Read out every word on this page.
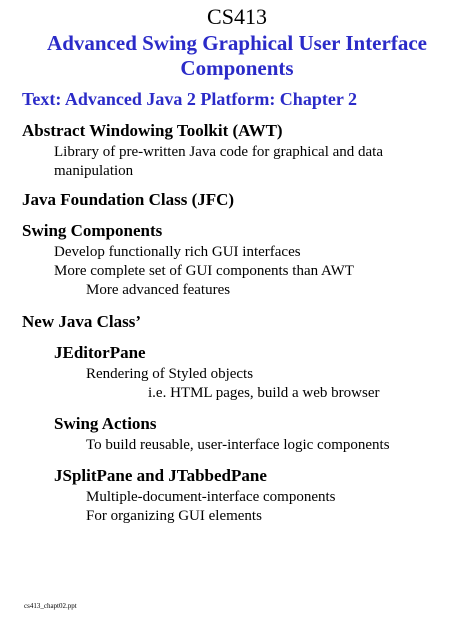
CS413
Advanced Swing Graphical User Interface
Components
Text: Advanced Java 2 Platform: Chapter 2
Abstract Windowing Toolkit (AWT)
Library of pre-written Java code for graphical and data manipulation
Java Foundation Class (JFC)
Swing Components
Develop functionally rich GUI interfaces
More complete set of GUI components than AWT
More advanced features
New Java Class’
JEditorPane
Rendering of Styled objects
i.e. HTML pages, build a web browser
Swing Actions
To build reusable, user-interface logic components
JSplitPane and JTabbedPane
Multiple-document-interface components
For organizing GUI elements
cs413_chapt02.ppt
